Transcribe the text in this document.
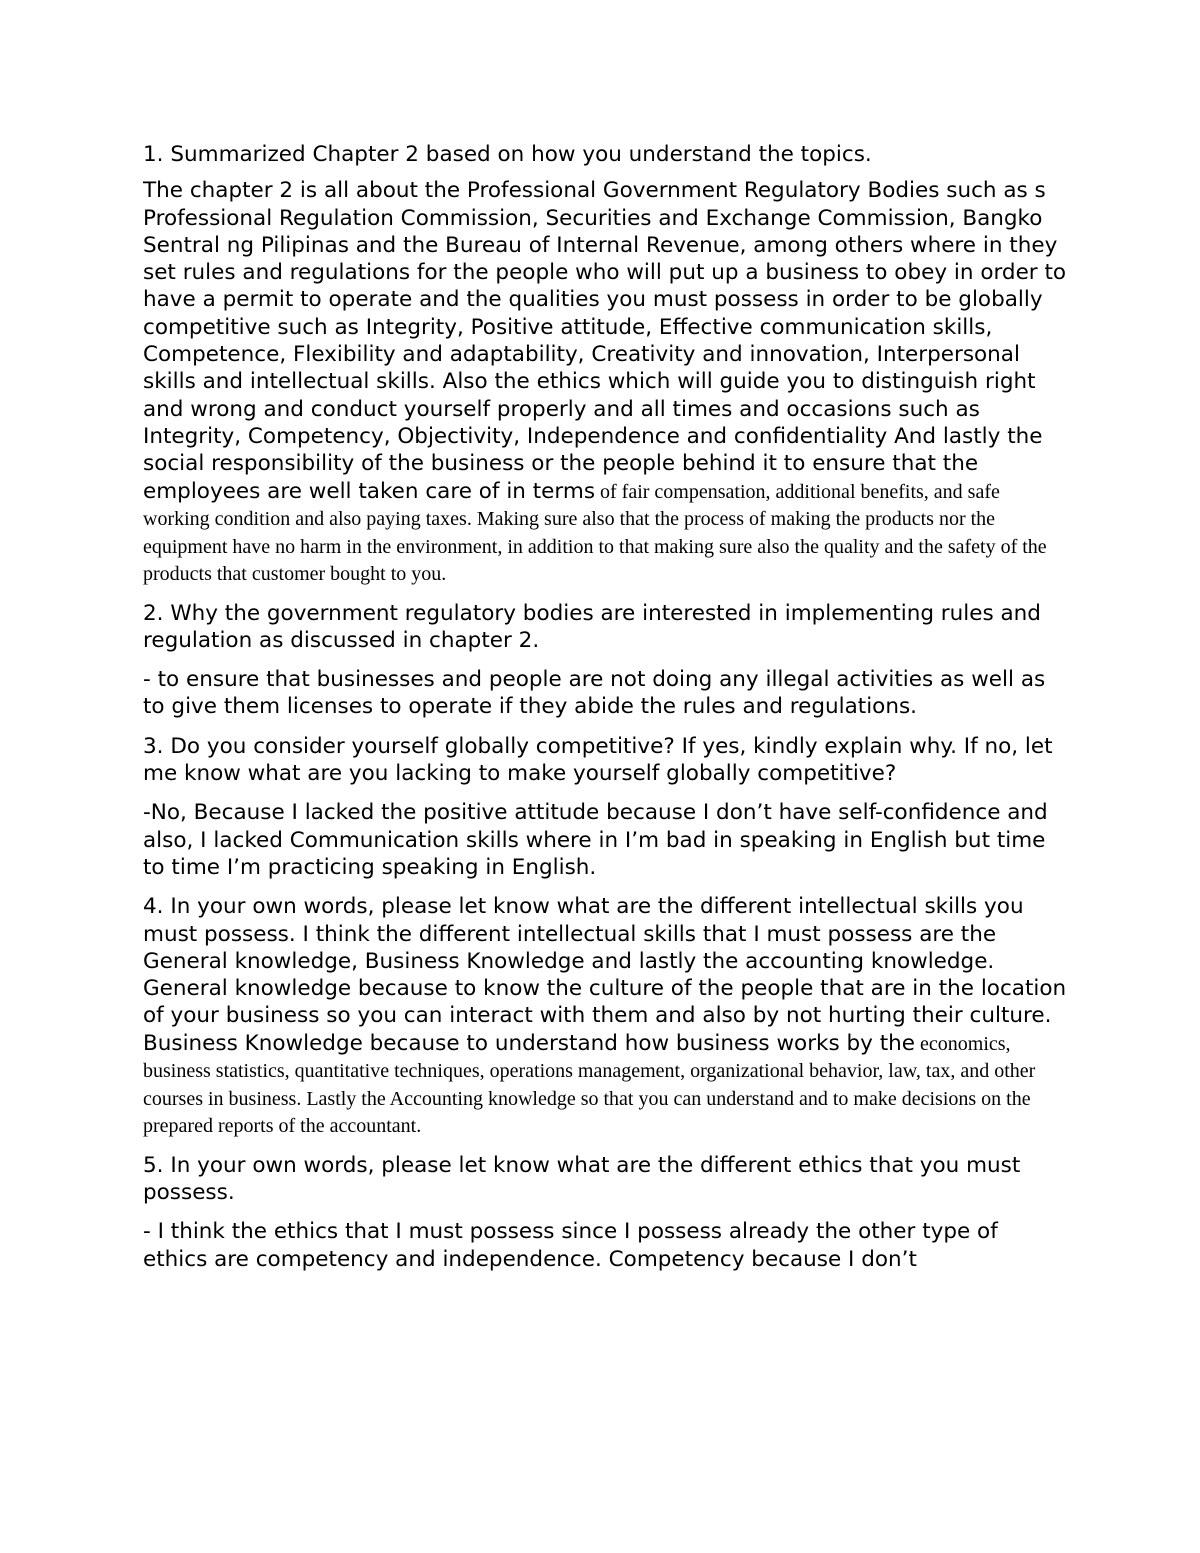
1. Summarized Chapter 2 based on how you understand the topics.

The chapter 2 is all about the Professional Government Regulatory Bodies such as s Professional Regulation Commission, Securities and Exchange Commission, Bangko Sentral ng Pilipinas and the Bureau of Internal Revenue, among others where in they set rules and regulations for the people who will put up a business to obey in order to have a permit to operate and the qualities you must possess in order to be globally competitive such as Integrity, Positive attitude, Effective communication skills, Competence, Flexibility and adaptability, Creativity and innovation, Interpersonal skills and intellectual skills. Also the ethics which will guide you to distinguish right and wrong and conduct yourself properly and all times and occasions such as Integrity, Competency, Objectivity, Independence and confidentiality And lastly the social responsibility of the business or the people behind it to ensure that the employees are well taken care of in terms of fair compensation, additional benefits, and safe working condition and also paying taxes. Making sure also that the process of making the products nor the equipment have no harm in the environment, in addition to that making sure also the quality and the safety of the products that customer bought to you.

2. Why the government regulatory bodies are interested in implementing rules and regulation as discussed in chapter 2.

- to ensure that businesses and people are not doing any illegal activities as well as to give them licenses to operate if they abide the rules and regulations.

3. Do you consider yourself globally competitive? If yes, kindly explain why. If no, let me know what are you lacking to make yourself globally competitive?

-No, Because I lacked the positive attitude because I don’t have self-confidence and also, I lacked Communication skills where in I’m bad in speaking in English but time to time I’m practicing speaking in English.

4. In your own words, please let know what are the different intellectual skills you must possess. I think the different intellectual skills that I must possess are the General knowledge, Business Knowledge and lastly the accounting knowledge. General knowledge because to know the culture of the people that are in the location of your business so you can interact with them and also by not hurting their culture. Business Knowledge because to understand how business works by the economics, business statistics, quantitative techniques, operations management, organizational behavior, law, tax, and other courses in business. Lastly the Accounting knowledge so that you can understand and to make decisions on the prepared reports of the accountant.

5. In your own words, please let know what are the different ethics that you must possess.

- I think the ethics that I must possess since I possess already the other type of ethics are competency and independence. Competency because I don’t
